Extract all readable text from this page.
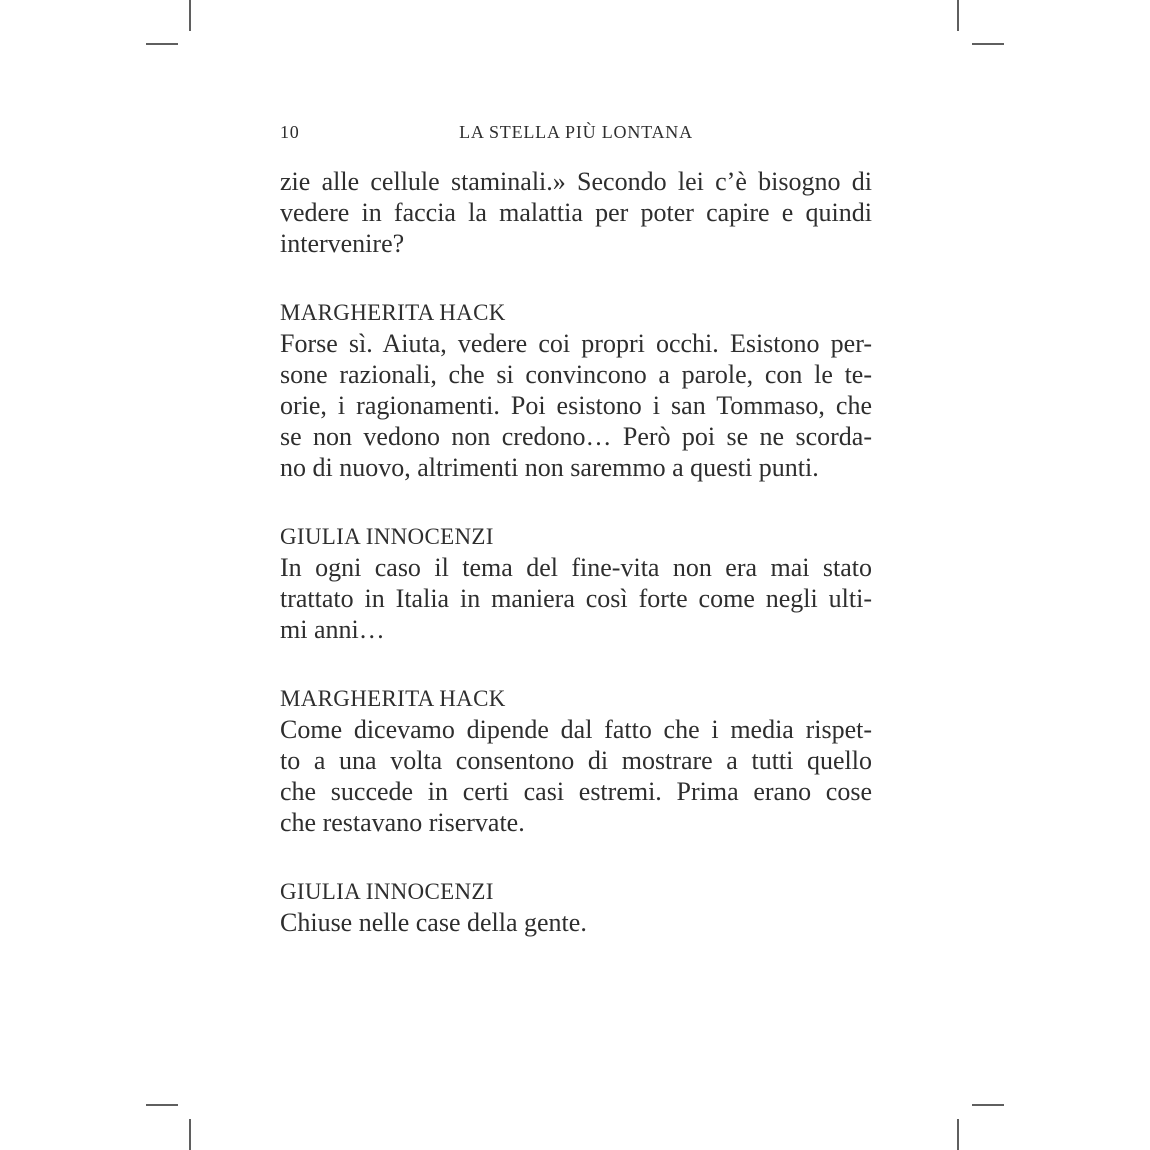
10	LA STELLA PIÙ LONTANA
zie alle cellule staminali.» Secondo lei c’è bisogno di
vedere in faccia la malattia per poter capire e quindi
intervenire?
MARGHERITA HACK
Forse sì. Aiuta, vedere coi propri occhi. Esistono per-
sone razionali, che si convincono a parole, con le te-
orie, i ragionamenti. Poi esistono i san Tommaso, che
se non vedono non credono… Però poi se ne scorda-
no di nuovo, altrimenti non saremmo a questi punti.
GIULIA INNOCENZI
In ogni caso il tema del fine-vita non era mai stato
trattato in Italia in maniera così forte come negli ulti-
mi anni…
MARGHERITA HACK
Come dicevamo dipende dal fatto che i media rispet-
to a una volta consentono di mostrare a tutti quello
che succede in certi casi estremi. Prima erano cose
che restavano riservate.
GIULIA INNOCENZI
Chiuse nelle case della gente.
